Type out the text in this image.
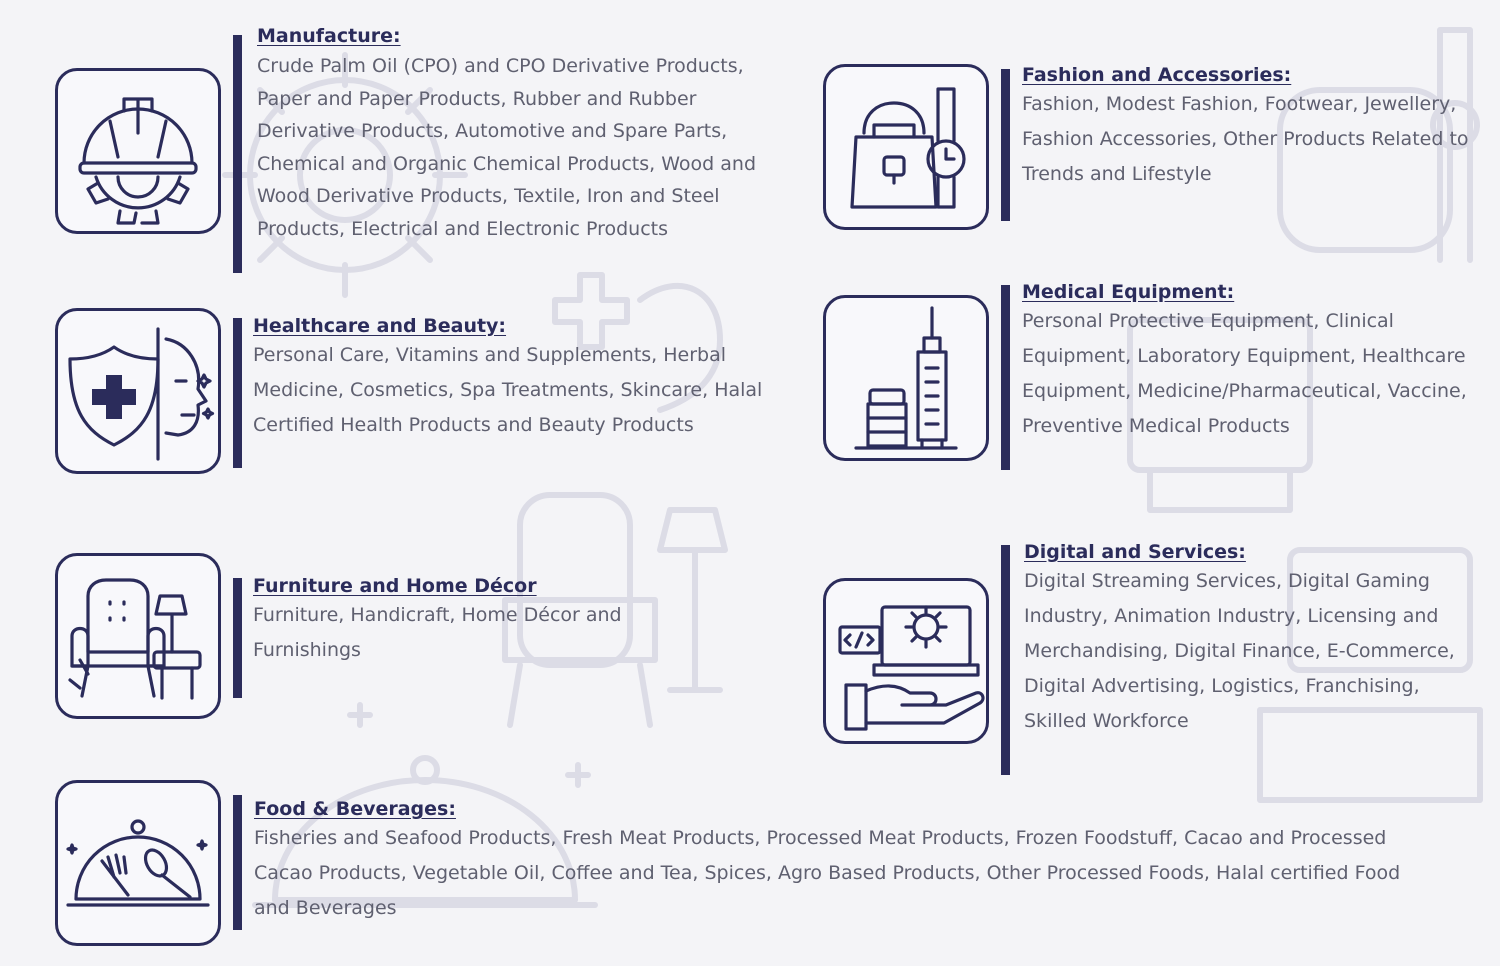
Manufacture:

Crude Palm Oil (CPO) and CPO Derivative Products, Paper and Paper Products, Rubber and Rubber Derivative Products, Automotive and Spare Parts, Chemical and Organic Chemical Products, Wood and Wood Derivative Products, Textile, Iron and Steel Products, Electrical and Electronic Products

Fashion and Accessories:

Fashion, Modest Fashion, Footwear, Jewellery, Fashion Accessories, Other Products Related to Trends and Lifestyle

Healthcare and Beauty:

Personal Care, Vitamins and Supplements, Herbal Medicine, Cosmetics, Spa Treatments, Skincare, Halal Certified Health Products and Beauty Products

Medical Equipment:

Personal Protective Equipment, Clinical Equipment, Laboratory Equipment, Healthcare Equipment, Medicine/Pharmaceutical, Vaccine, Preventive Medical Products

Furniture and Home Décor

Furniture, Handicraft, Home Décor and Furnishings

Digital and Services:

Digital Streaming Services, Digital Gaming Industry, Animation Industry, Licensing and Merchandising, Digital Finance, E-Commerce, Digital Advertising, Logistics, Franchising, Skilled Workforce

Food & Beverages:

Fisheries and Seafood Products, Fresh Meat Products, Processed Meat Products, Frozen Foodstuff, Cacao and Processed Cacao Products, Vegetable Oil, Coffee and Tea, Spices, Agro Based Products, Other Processed Foods, Halal certified Food and Beverages
